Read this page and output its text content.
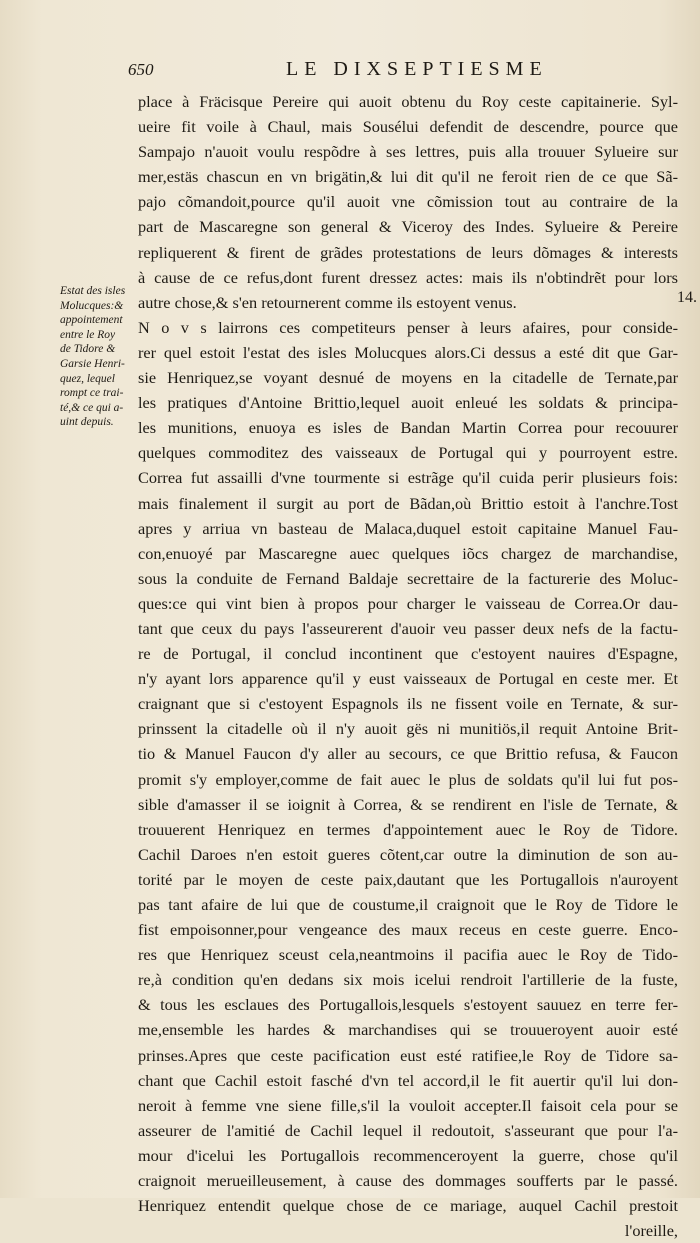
650	LE DIXSEPTIESME
Estat des isles
Molucques:&
appointement
entre le Roy
de Tidore &
Garsie Henri-
quez, lequel
rompt ce trai-
té,& ce qui a-
uint depuis.
14.
place à Fräcisque Pereire qui auoit obtenu du Roy ceste capitainerie. Syl-
ueire fit voile à Chaul, mais Sousélui defendit de descendre, pource que
Sampajo n'auoit voulu respõdre à ses lettres, puis alla trouuer Sylueire sur
mer,estäs chascun en vn brigätin,& lui dit qu'il ne feroit rien de ce que Sã-
pajo cõmandoit,pource qu'il auoit vne cõmission tout au contraire de la
part de Mascaregne son general & Viceroy des Indes. Sylueire & Pereire
repliquerent & firent de grãdes protestations de leurs dõmages & interests
à cause de ce refus,dont furent dressez actes: mais ils n'obtindrẽt pour lors
autre chose,& s'en retournerent comme ils estoyent venus.
N o v s lairrons ces competiteurs penser à leurs afaires, pour conside-
rer quel estoit l'estat des isles Molucques alors.Ci dessus a esté dit que Gar-
sie Henriquez,se voyant desnué de moyens en la citadelle de Ternate,par
les pratiques d'Antoine Brittio,lequel auoit enleué les soldats & principa-
les munitions, enuoya es isles de Bandan Martin Correa pour recouurer
quelques commoditez des vaisseaux de Portugal qui y pourroyent estre.
Correa fut assailli d'vne tourmente si estrãge qu'il cuida perir plusieurs fois:
mais finalement il surgit au port de Bãdan,où Brittio estoit à l'anchre.Tost
apres y arriua vn basteau de Malaca,duquel estoit capitaine Manuel Fau-
con,enuoyé par Mascaregne auec quelques iõcs chargez de marchandise,
sous la conduite de Fernand Baldaje secrettaire de la facturerie des Moluc-
ques:ce qui vint bien à propos pour charger le vaisseau de Correa.Or dau-
tant que ceux du pays l'asseurerent d'auoir veu passer deux nefs de la factu-
re de Portugal, il conclud incontinent que c'estoyent nauires d'Espagne,
n'y ayant lors apparence qu'il y eust vaisseaux de Portugal en ceste mer. Et
craignant que si c'estoyent Espagnols ils ne fissent voile en Ternate, & sur-
prinssent la citadelle où il n'y auoit gës ni munitiös,il requit Antoine Brit-
tio & Manuel Faucon d'y aller au secours, ce que Brittio refusa, & Faucon
promit s'y employer,comme de fait auec le plus de soldats qu'il lui fut pos-
sible d'amasser il se ioignit à Correa, & se rendirent en l'isle de Ternate, &
trouuerent Henriquez en termes d'appointement auec le Roy de Tidore.
Cachil Daroes n'en estoit gueres cõtent,car outre la diminution de son au-
torité par le moyen de ceste paix,dautant que les Portugallois n'auroyent
pas tant afaire de lui que de coustume,il craignoit que le Roy de Tidore le
fist empoisonner,pour vengeance des maux receus en ceste guerre. Enco-
res que Henriquez sceust cela,neantmoins il pacifia auec le Roy de Tido-
re,à condition qu'en dedans six mois icelui rendroit l'artillerie de la fuste,
& tous les esclaues des Portugallois,lesquels s'estoyent sauuez en terre fer-
me,ensemble les hardes & marchandises qui se trouueroyent auoir esté
prinses.Apres que ceste pacification eust esté ratifiee,le Roy de Tidore sa-
chant que Cachil estoit fasché d'vn tel accord,il le fit auertir qu'il lui don-
neroit à femme vne siene fille,s'il la vouloit accepter.Il faisoit cela pour se
asseurer de l'amitié de Cachil lequel il redoutoit, s'asseurant que pour l'a-
mour d'icelui les Portugallois recommenceroyent la guerre, chose qu'il
craignoit merueilleusement, à cause des dommages soufferts par le passé.
Henriquez entendit quelque chose de ce mariage, auquel Cachil prestoit
l'oreille,
